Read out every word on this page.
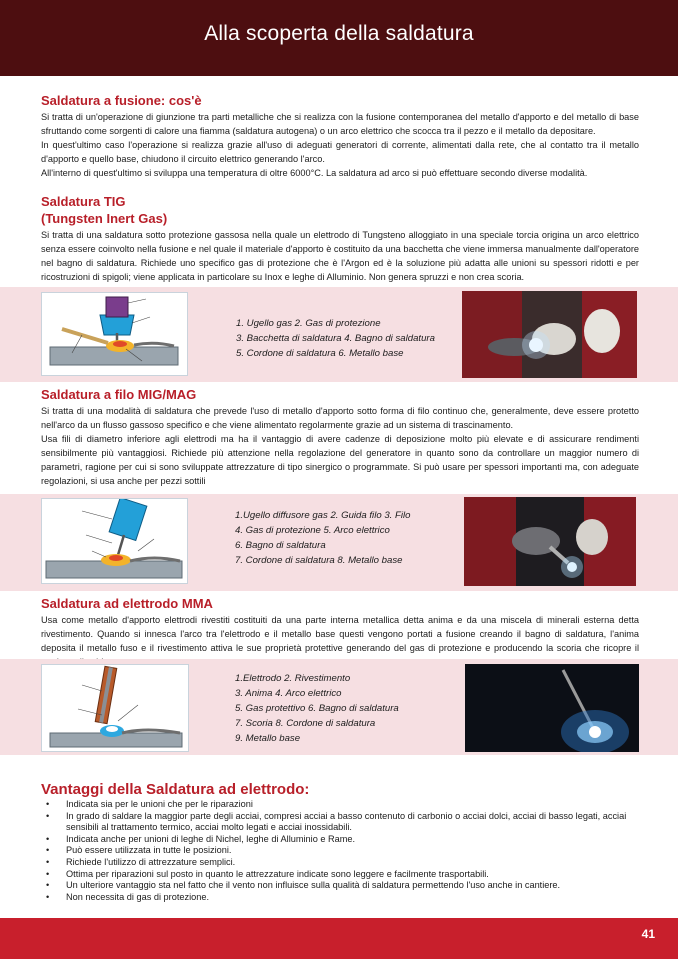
Alla scoperta della saldatura
Saldatura a fusione: cos'è

Si tratta di un'operazione di giunzione tra parti metalliche che si realizza con la fusione contemporanea del metallo d'apporto e del metallo di base sfruttando come sorgenti di calore una fiamma (saldatura autogena) o un arco elettrico che scocca tra il pezzo e il metallo da depositare.

In quest'ultimo caso l'operazione si realizza grazie all'uso di adeguati generatori di corrente, alimentati dalla rete, che al contatto tra il metallo d'apporto e quello base, chiudono il circuito elettrico generando l'arco.

All'interno di quest'ultimo si sviluppa una temperatura di oltre 6000°C. La saldatura ad arco si può effettuare secondo diverse modalità.

Saldatura TIG
(Tungsten Inert Gas)

Si tratta di una saldatura sotto protezione gassosa nella quale un elettrodo di Tungsteno alloggiato in una speciale torcia origina un arco elettrico senza essere coinvolto nella fusione e nel quale il materiale d'apporto è costituito da una bacchetta che viene immersa manualmente dall'operatore nel bagno di saldatura. Richiede uno specifico gas di protezione che è l'Argon ed è la soluzione più adatta alle unioni su spessori ridotti e per ricostruzioni di spigoli; viene applicata in particolare su Inox e leghe di Alluminio. Non genera spruzzi e non crea scoria.

1. Ugello gas 2. Gas di protezione
3. Bacchetta di saldatura 4. Bagno di saldatura
5. Cordone di saldatura 6. Metallo base
Saldatura a filo MIG/MAG

Si tratta di una modalità di saldatura che prevede l'uso di metallo d'apporto sotto forma di filo continuo che, generalmente, deve essere protetto nell'arco da un flusso gassoso specifico e che viene alimentato regolarmente grazie ad un sistema di trascinamento.

Usa fili di diametro inferiore agli elettrodi ma ha il vantaggio di avere cadenze di deposizione molto più elevate e di assicurare rendimenti sensibilmente più vantaggiosi. Richiede più attenzione nella regolazione del generatore in quanto sono da controllare un maggior numero di parametri, ragione per cui si sono sviluppate attrezzature di tipo sinergico o programmate. Si può usare per spessori importanti ma, con adeguate regolazioni, si usa anche per pezzi sottili

1.Ugello diffusore gas 2. Guida filo 3. Filo
4. Gas di protezione 5. Arco elettrico
6. Bagno di saldatura
7. Cordone di saldatura 8. Metallo base
Saldatura ad elettrodo MMA

Usa come metallo d'apporto elettrodi rivestiti costituiti da una parte interna metallica detta anima e da una miscela di minerali esterna detta rivestimento. Quando si innesca l'arco tra l'elettrodo e il metallo base questi vengono portati a fusione creando il bagno di saldatura, l'anima deposita il metallo fuso e il rivestimento attiva le sue proprietà protettive generando del gas di protezione e producendo la scoria che ricopre il

1.Elettrodo 2. Rivestimento
3. Anima 4. Arco elettrico
5. Gas protettivo 6. Bagno di saldatura
7. Scoria 8. Cordone di saldatura
9. Metallo base
Vantaggi della Saldatura ad elettrodo:
• Indicata sia per le unioni che per le riparazioni
• In grado di saldare la maggior parte degli acciai, compresi acciai a basso contenuto di carbonio o acciai dolci, acciai di basso legati, acciai sensibili al trattamento termico, acciai molto legati e acciai inossidabili.
• Indicata anche per unioni di leghe di Nichel, leghe di Alluminio e Rame.
• Può essere utilizzata in tutte le posizioni.
• Richiede l'utilizzo di attrezzature semplici.
• Ottima per riparazioni sul posto in quanto le attrezzature indicate sono leggere e facilmente trasportabili.
• Un ulteriore vantaggio sta nel fatto che il vento non influisce sulla qualità di saldatura permettendo l'uso anche in cantiere.
• Non necessita di gas di protezione.
41
